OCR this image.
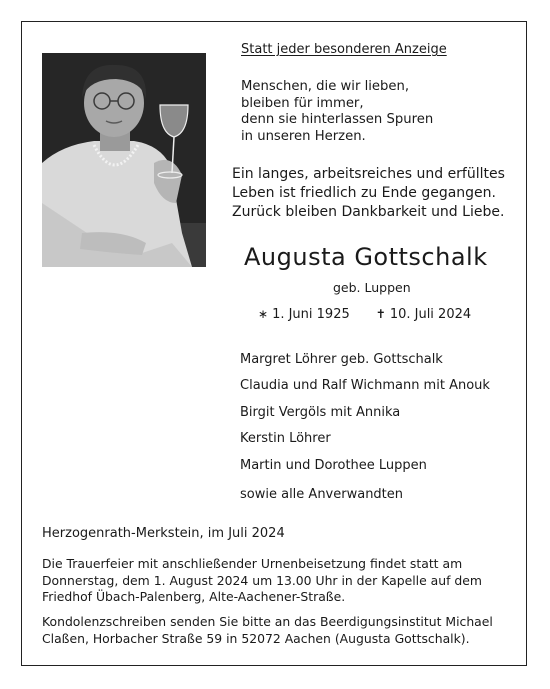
Statt jeder besonderen Anzeige
Menschen, die wir lieben,
bleiben für immer,
denn sie hinterlassen Spuren
in unseren Herzen.
Ein langes, arbeitsreiches und erfülltes
Leben ist friedlich zu Ende gegangen.
Zurück bleiben Dankbarkeit und Liebe.
Augusta Gottschalk
geb. Luppen
∗ 1. Juni 1925 ✝ 10. Juli 2024
Margret Löhrer geb. Gottschalk
Claudia und Ralf Wichmann mit Anouk
Birgit Vergöls mit Annika
Kerstin Löhrer
Martin und Dorothee Luppen
sowie alle Anverwandten
Herzogenrath-Merkstein, im Juli 2024
Die Trauerfeier mit anschließender Urnenbeisetzung findet statt am Donnerstag, dem 1. August 2024 um 13.00 Uhr in der Kapelle auf dem Friedhof Übach-Palenberg, Alte-Aachener-Straße.
Kondolenzschreiben senden Sie bitte an das Beerdigungsinstitut Michael Claßen, Horbacher Straße 59 in 52072 Aachen (Augusta Gottschalk).
